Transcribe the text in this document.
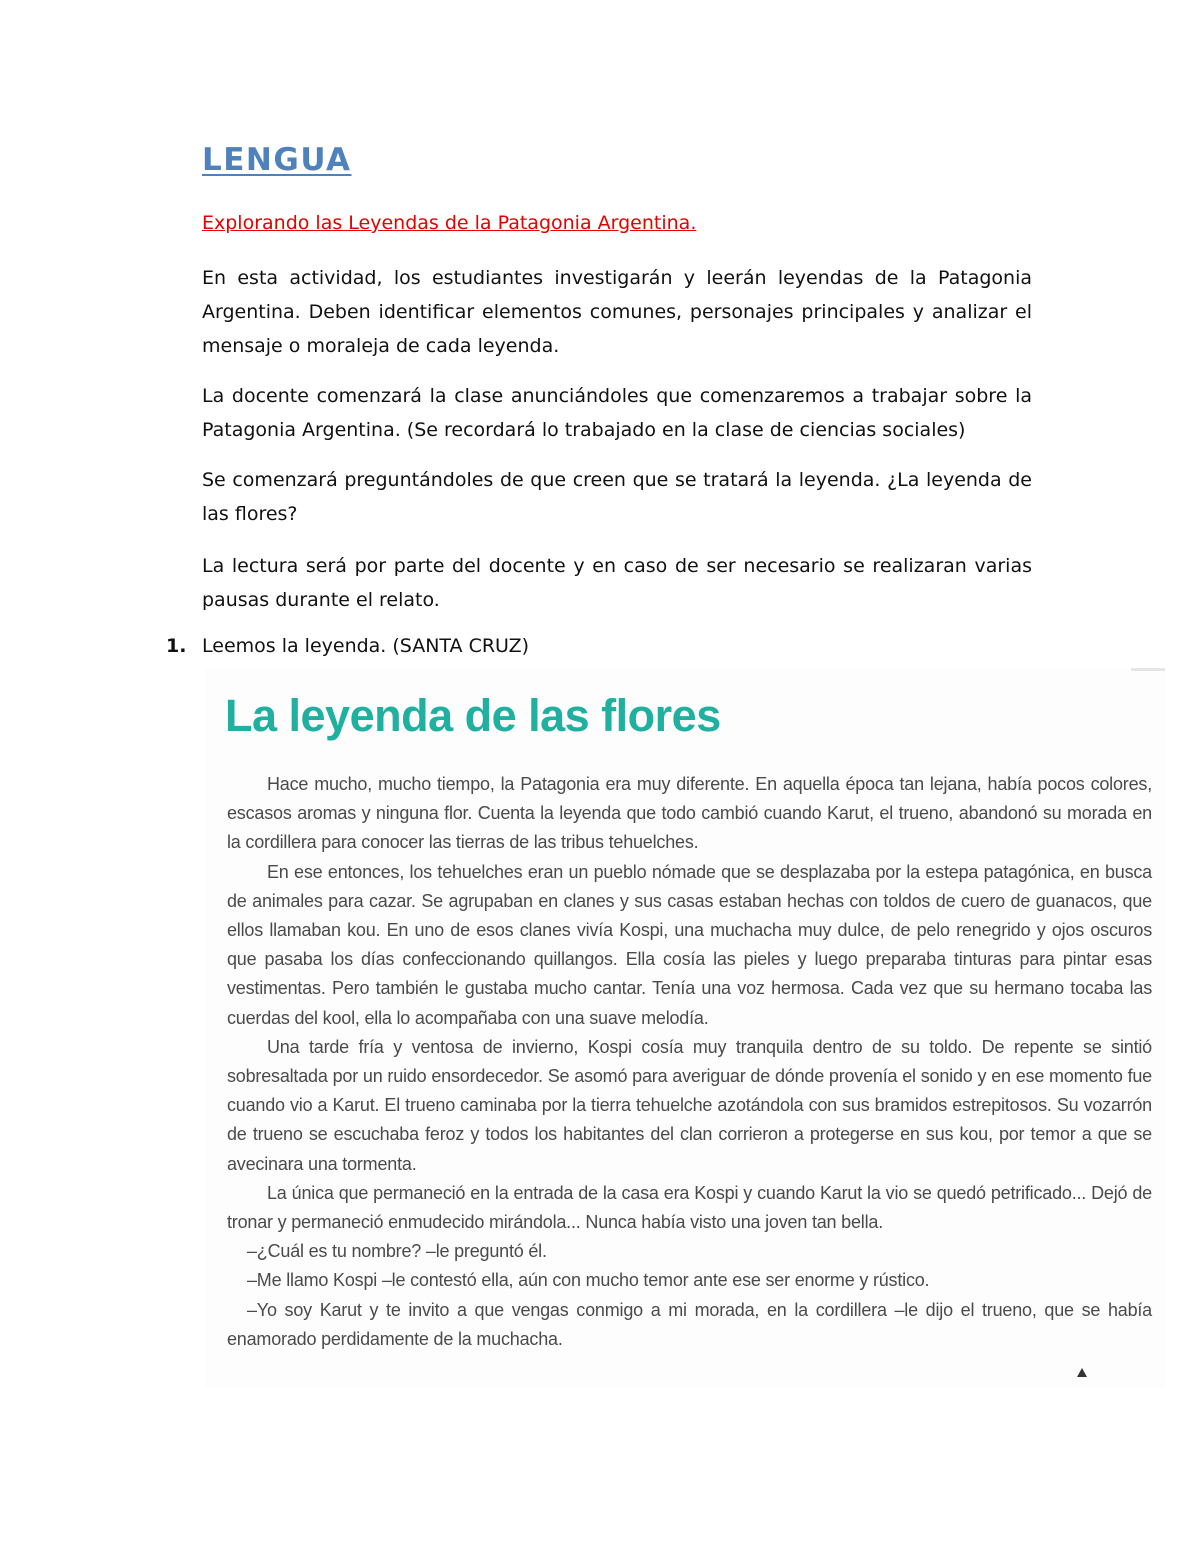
LENGUA
Explorando las Leyendas de la Patagonia Argentina.
En esta actividad, los estudiantes investigarán y leerán leyendas de la Patagonia Argentina. Deben identificar elementos comunes, personajes principales y analizar el mensaje o moraleja de cada leyenda.
La docente comenzará la clase anunciándoles que comenzaremos a trabajar sobre la Patagonia Argentina. (Se recordará lo trabajado en la clase de ciencias sociales)
Se comenzará preguntándoles de que creen que se tratará la leyenda. ¿La leyenda de las flores?
La lectura será por parte del docente y en caso de ser necesario se realizaran varias pausas durante el relato.
1. Leemos la leyenda. (SANTA CRUZ)
La leyenda de las flores

Hace mucho, mucho tiempo, la Patagonia era muy diferente. En aquella época tan lejana, había pocos colores, escasos aromas y ninguna flor. Cuenta la leyenda que todo cambió cuando Karut, el trueno, abandonó su morada en la cordillera para conocer las tierras de las tribus tehuelches.

En ese entonces, los tehuelches eran un pueblo nómade que se desplazaba por la estepa patagónica, en busca de animales para cazar. Se agrupaban en clanes y sus casas estaban hechas con toldos de cuero de guanacos, que ellos llamaban kou. En uno de esos clanes vivía Kospi, una muchacha muy dulce, de pelo renegrido y ojos oscuros que pasaba los días confeccionando quillangos. Ella cosía las pieles y luego preparaba tinturas para pintar esas vestimentas. Pero también le gustaba mucho cantar. Tenía una voz hermosa. Cada vez que su hermano tocaba las cuerdas del kool, ella lo acompañaba con una suave melodía.

Una tarde fría y ventosa de invierno, Kospi cosía muy tranquila dentro de su toldo. De repente se sintió sobresaltada por un ruido ensordecedor. Se asomó para averiguar de dónde provenía el sonido y en ese momento fue cuando vio a Karut. El trueno caminaba por la tierra tehuelche azotándola con sus bramidos estrepitosos. Su vozarrón de trueno se escuchaba feroz y todos los habitantes del clan corrieron a protegerse en sus kou, por temor a que se avecinara una tormenta.

La única que permaneció en la entrada de la casa era Kospi y cuando Karut la vio se quedó petrificado... Dejó de tronar y permaneció enmudecido mirándola... Nunca había visto una joven tan bella.

–¿Cuál es tu nombre? –le preguntó él.

–Me llamo Kospi –le contestó ella, aún con mucho temor ante ese ser enorme y rústico.

–Yo soy Karut y te invito a que vengas conmigo a mi morada, en la cordillera –le dijo el trueno, que se había enamorado perdidamente de la muchacha.
